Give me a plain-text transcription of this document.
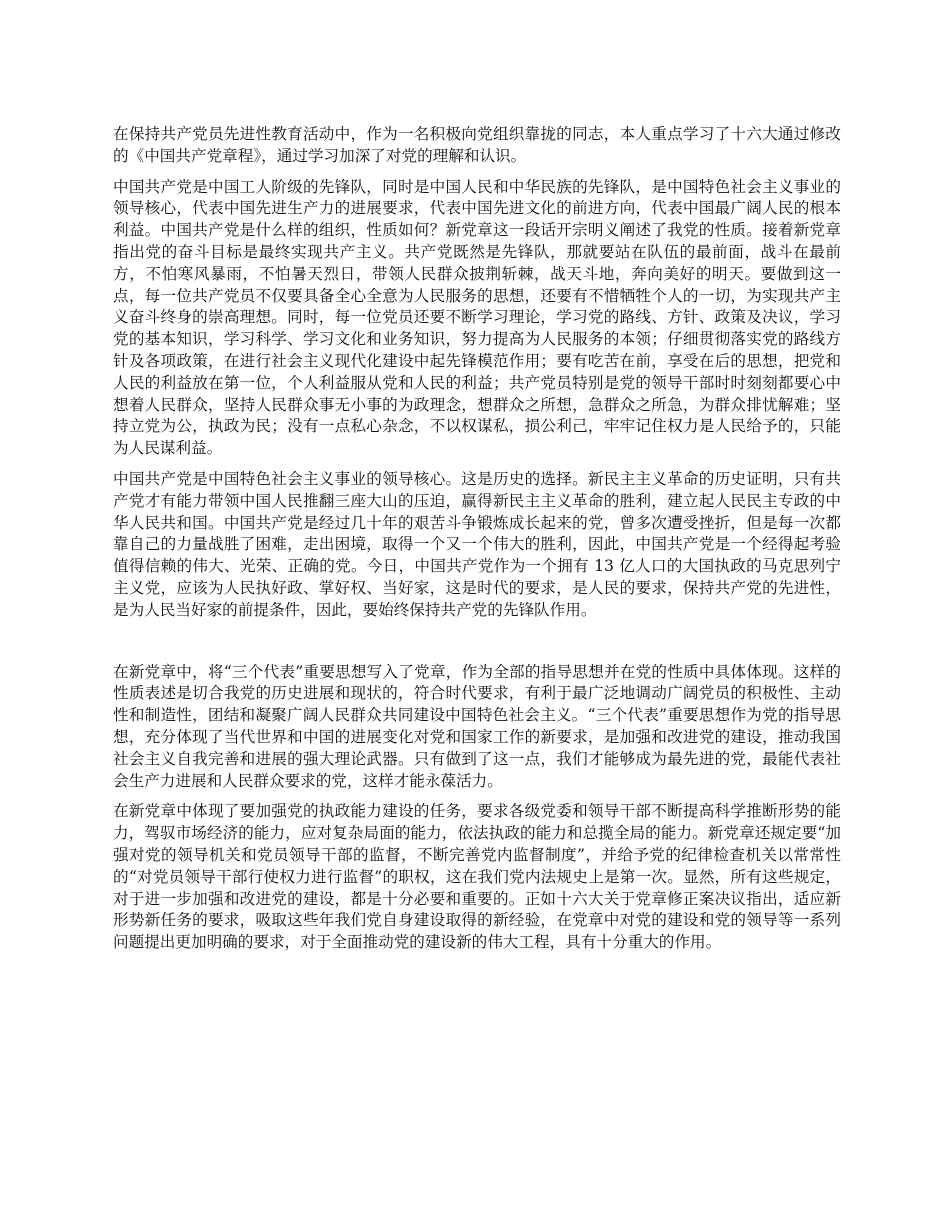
在保持共产党员先进性教育活动中，作为一名积极向党组织靠拢的同志，本人重点学习了十六大通过修改的《中国共产党章程》，通过学习加深了对党的理解和认识。

中国共产党是中国工人阶级的先锋队，同时是中国人民和中华民族的先锋队，是中国特色社会主义事业的领导核心，代表中国先进生产力的进展要求，代表中国先进文化的前进方向，代表中国最广阔人民的根本利益。中国共产党是什么样的组织，性质如何？新党章这一段话开宗明义阐述了我党的性质。接着新党章指出党的奋斗目标是最终实现共产主义。共产党既然是先锋队，那就要站在队伍的最前面，战斗在最前方，不怕寒风暴雨，不怕暑天烈日，带领人民群众披荆斩棘，战天斗地，奔向美好的明天。要做到这一点，每一位共产党员不仅要具备全心全意为人民服务的思想，还要有不惜牺牲个人的一切，为实现共产主义奋斗终身的崇高理想。同时，每一位党员还要不断学习理论，学习党的路线、方针、政策及决议，学习党的基本知识，学习科学、学习文化和业务知识，努力提高为人民服务的本领；仔细贯彻落实党的路线方针及各项政策，在进行社会主义现代化建设中起先锋模范作用；要有吃苦在前，享受在后的思想，把党和人民的利益放在第一位，个人利益服从党和人民的利益；共产党员特别是党的领导干部时时刻刻都要心中想着人民群众，坚持人民群众事无小事的为政理念，想群众之所想，急群众之所急，为群众排忧解难；坚持立党为公，执政为民；没有一点私心杂念，不以权谋私，损公利己，牢牢记住权力是人民给予的，只能为人民谋利益。

中国共产党是中国特色社会主义事业的领导核心。这是历史的选择。新民主主义革命的历史证明，只有共产党才有能力带领中国人民推翻三座大山的压迫，赢得新民主主义革命的胜利，建立起人民民主专政的中华人民共和国。中国共产党是经过几十年的艰苦斗争锻炼成长起来的党，曾多次遭受挫折，但是每一次都靠自己的力量战胜了困难，走出困境，取得一个又一个伟大的胜利，因此，中国共产党是一个经得起考验值得信赖的伟大、光荣、正确的党。今日，中国共产党作为一个拥有 13 亿人口的大国执政的马克思列宁主义党，应该为人民执好政、掌好权、当好家，这是时代的要求，是人民的要求，保持共产党的先进性，是为人民当好家的前提条件，因此，要始终保持共产党的先锋队作用。

在新党章中，将“三个代表”重要思想写入了党章，作为全部的指导思想并在党的性质中具体体现。这样的性质表述是切合我党的历史进展和现状的，符合时代要求，有利于最广泛地调动广阔党员的积极性、主动性和制造性，团结和凝聚广阔人民群众共同建设中国特色社会主义。“三个代表”重要思想作为党的指导思想，充分体现了当代世界和中国的进展变化对党和国家工作的新要求，是加强和改进党的建设，推动我国社会主义自我完善和进展的强大理论武器。只有做到了这一点，我们才能够成为最先进的党，最能代表社会生产力进展和人民群众要求的党，这样才能永葆活力。

在新党章中体现了要加强党的执政能力建设的任务，要求各级党委和领导干部不断提高科学推断形势的能力，驾驭市场经济的能力，应对复杂局面的能力，依法执政的能力和总揽全局的能力。新党章还规定要“加强对党的领导机关和党员领导干部的监督，不断完善党内监督制度”，并给予党的纪律检查机关以常常性的“对党员领导干部行使权力进行监督”的职权，这在我们党内法规史上是第一次。显然，所有这些规定，对于进一步加强和改进党的建设，都是十分必要和重要的。正如十六大关于党章修正案决议指出，适应新形势新任务的要求，吸取这些年我们党自身建设取得的新经验，在党章中对党的建设和党的领导等一系列问题提出更加明确的要求，对于全面推动党的建设新的伟大工程，具有十分重大的作用。
